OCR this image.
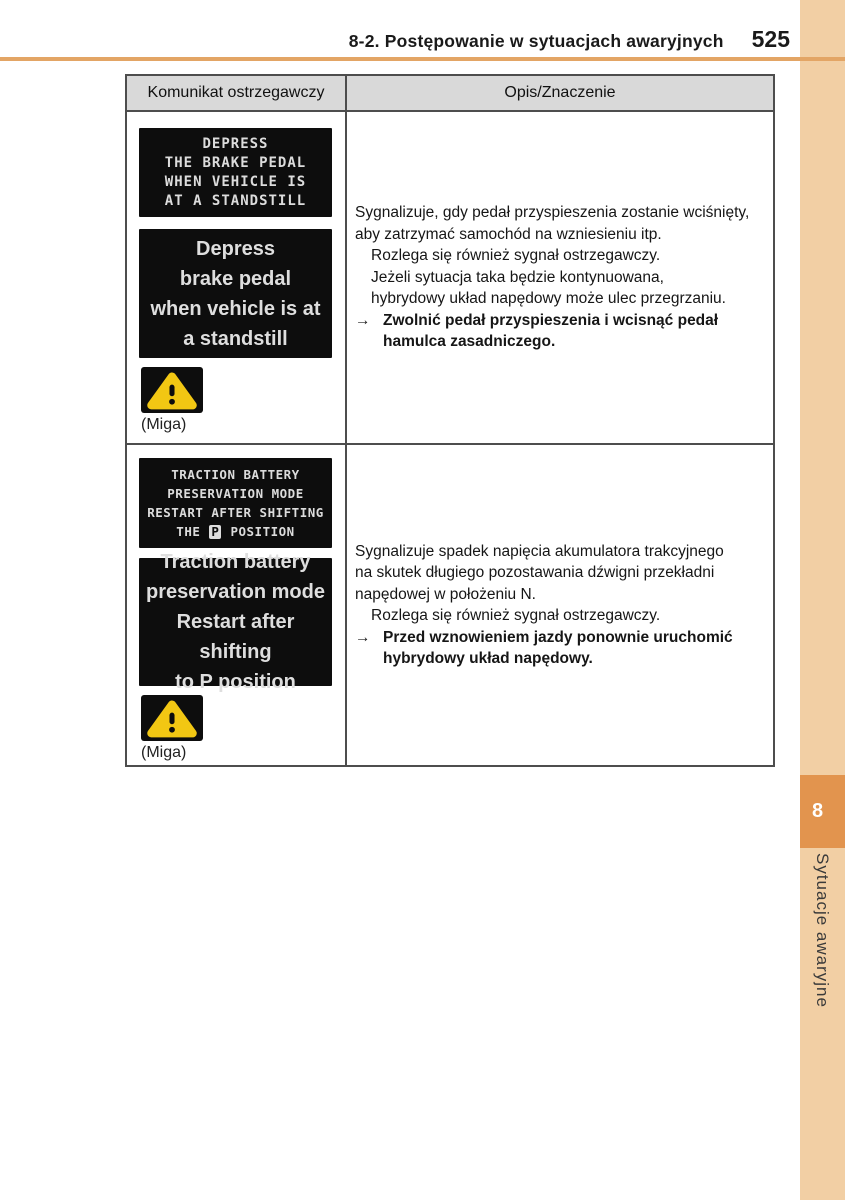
8
Sytuacje awaryjne
8-2. Postępowanie w sytuacjach awaryjnych 525
Komunikat ostrzegawczy	Opis/Znaczenie
DEPRESS
THE BRAKE PEDAL
WHEN VEHICLE IS
AT A STANDSTILL
Depress
brake pedal
when vehicle is at
a standstill
(Miga)
Sygnalizuje, gdy pedał przyspieszenia zostanie wciśnięty,
aby zatrzymać samochód na wzniesieniu itp.
Rozlega się również sygnał ostrzegawczy.
Jeżeli sytuacja taka będzie kontynuowana,
hybrydowy układ napędowy może ulec przegrzaniu.
→ Zwolnić pedał przyspieszenia i wcisnąć pedał
hamulca zasadniczego.
TRACTION BATTERY
PRESERVATION MODE
RESTART AFTER SHIFTING
THE P POSITION
Traction battery
preservation mode
Restart after shifting
to P position
(Miga)
Sygnalizuje spadek napięcia akumulatora trakcyjnego
na skutek długiego pozostawania dźwigni przekładni
napędowej w położeniu N.
Rozlega się również sygnał ostrzegawczy.
→ Przed wznowieniem jazdy ponownie uruchomić
hybrydowy układ napędowy.
